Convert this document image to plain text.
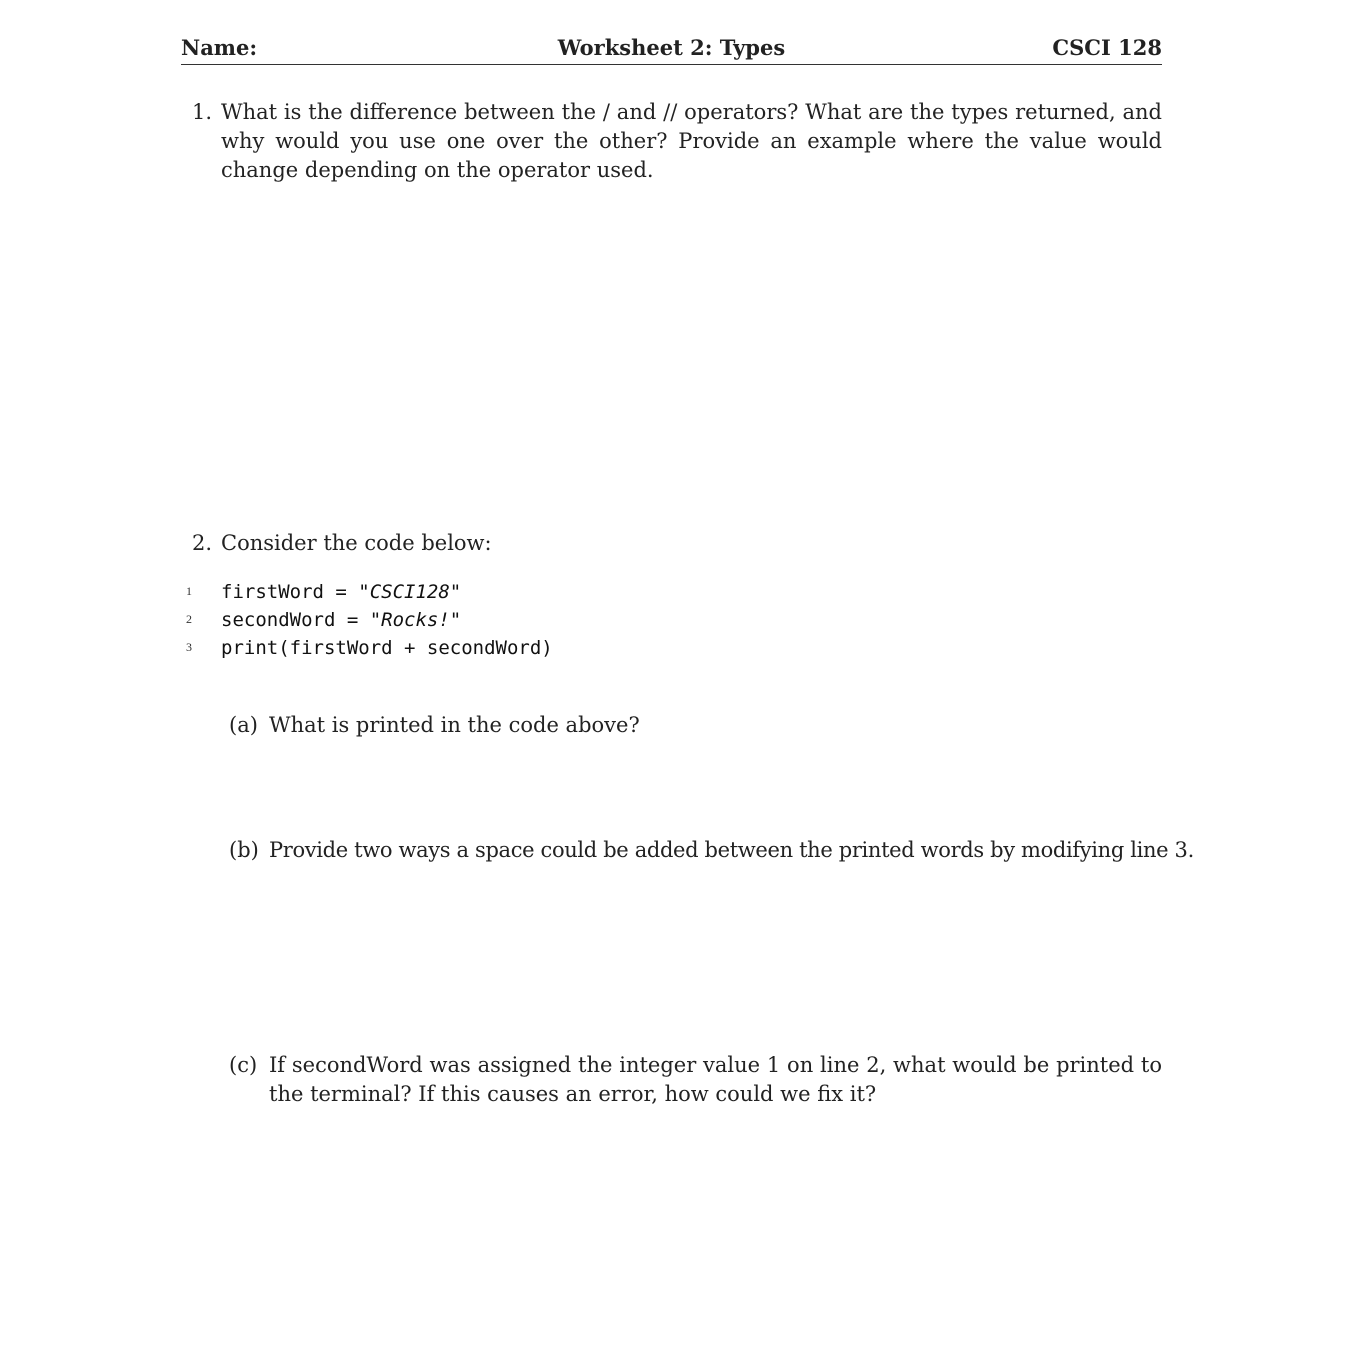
Name:	Worksheet 2: Types	CSCI 128
1. What is the difference between the / and // operators? What are the types returned, and why would you use one over the other? Provide an example where the value would change depending on the operator used.
2. Consider the code below:
1 firstWord = "CSCI128"
2 secondWord = "Rocks!"
3 print(firstWord + secondWord)
(a) What is printed in the code above?
(b) Provide two ways a space could be added between the printed words by modifying line 3.
(c) If secondWord was assigned the integer value 1 on line 2, what would be printed to the terminal? If this causes an error, how could we fix it?
